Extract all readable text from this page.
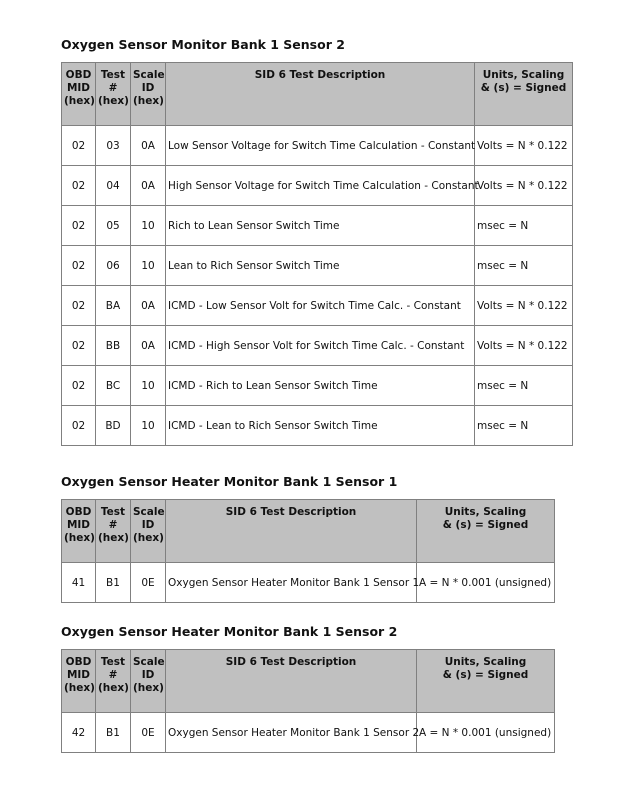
Oxygen Sensor Monitor Bank 1 Sensor 2
OBD
MID
(hex)	Test
#
(hex)	Scale
ID
(hex)	SID 6 Test Description	Units, Scaling
& (s) = Signed
02	03	0A	Low Sensor Voltage for Switch Time Calculation - Constant	Volts = N * 0.122
02	04	0A	High Sensor Voltage for Switch Time Calculation - Constant	Volts = N * 0.122
02	05	10	Rich to Lean Sensor Switch Time	msec = N
02	06	10	Lean to Rich Sensor Switch Time	msec = N
02	BA	0A	ICMD - Low Sensor Volt for Switch Time Calc. - Constant	Volts = N * 0.122
02	BB	0A	ICMD - High Sensor Volt for Switch Time Calc. - Constant	Volts = N * 0.122
02	BC	10	ICMD - Rich to Lean Sensor Switch Time	msec = N
02	BD	10	ICMD - Lean to Rich Sensor Switch Time	msec = N
Oxygen Sensor Heater Monitor Bank 1 Sensor 1
OBD
MID
(hex)	Test
#
(hex)	Scale
ID
(hex)	SID 6 Test Description	Units, Scaling
& (s) = Signed
41	B1	0E	Oxygen Sensor Heater Monitor Bank 1 Sensor 1	A = N * 0.001 (unsigned)
Oxygen Sensor Heater Monitor Bank 1 Sensor 2
OBD
MID
(hex)	Test
#
(hex)	Scale
ID
(hex)	SID 6 Test Description	Units, Scaling
& (s) = Signed
42	B1	0E	Oxygen Sensor Heater Monitor Bank 1 Sensor 2	A = N * 0.001 (unsigned)
